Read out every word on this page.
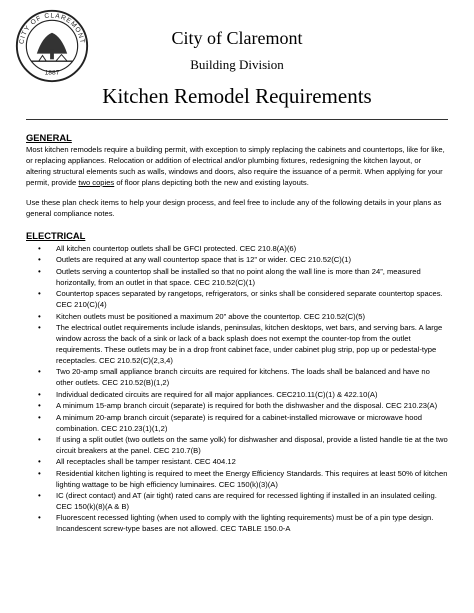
CITY OF CLAREMONT
1887
City of Claremont
Building Division
Kitchen Remodel Requirements
GENERAL

Most kitchen remodels require a building permit, with exception to simply replacing the cabinets and countertops, like for like, or replacing appliances. Relocation or addition of electrical and/or plumbing fixtures, redesigning the kitchen layout, or altering structural elements such as walls, windows and doors, also require the issuance of a permit. When applying for your permit, provide two copies of floor plans depicting both the new and existing layouts.

Use these plan check items to help your design process, and feel free to include any of the following details in your plans as general compliance notes.

ELECTRICAL
• All kitchen countertop outlets shall be GFCI protected. CEC 210.8(A)(6)
• Outlets are required at any wall countertop space that is 12” or wider. CEC 210.52(C)(1)
• Outlets serving a countertop shall be installed so that no point along the wall line is more than 24”, measured horizontally, from an outlet in that space. CEC 210.52(C)(1)
• Countertop spaces separated by rangetops, refrigerators, or sinks shall be considered separate countertop spaces. CEC 210(C)(4)
• Kitchen outlets must be positioned a maximum 20” above the countertop. CEC 210.52(C)(5)
• The electrical outlet requirements include islands, peninsulas, kitchen desktops, wet bars, and serving bars. A large window across the back of a sink or lack of a back splash does not exempt the counter-top from the outlet requirements. These outlets may be in a drop front cabinet face, under cabinet plug strip, pop up or pedestal-type receptacles. CEC 210.52(C)(2,3,4)
• Two 20-amp small appliance branch circuits are required for kitchens. The loads shall be balanced and have no other outlets. CEC 210.52(B)(1,2)
• Individual dedicated circuits are required for all major appliances. CEC210.11(C)(1) & 422.10(A)
• A minimum 15-amp branch circuit (separate) is required for both the dishwasher and the disposal. CEC 210.23(A)
• A minimum 20-amp branch circuit (separate) is required for a cabinet-installed microwave or microwave hood combination. CEC 210.23(1)(1,2)
• If using a split outlet (two outlets on the same yolk) for dishwasher and disposal, provide a listed handle tie at the two circuit breakers at the panel. CEC 210.7(B)
• All receptacles shall be tamper resistant. CEC 404.12
• Residential kitchen lighting is required to meet the Energy Efficiency Standards. This requires at least 50% of kitchen lighting wattage to be high efficiency luminaires. CEC 150(k)(3)(A)
• IC (direct contact) and AT (air tight) rated cans are required for recessed lighting if installed in an insulated ceiling. CEC 150(k)(8)(A & B)
• Fluorescent recessed lighting (when used to comply with the lighting requirements) must be of a pin type design. Incandescent screw-type bases are not allowed. CEC TABLE 150.0-A
